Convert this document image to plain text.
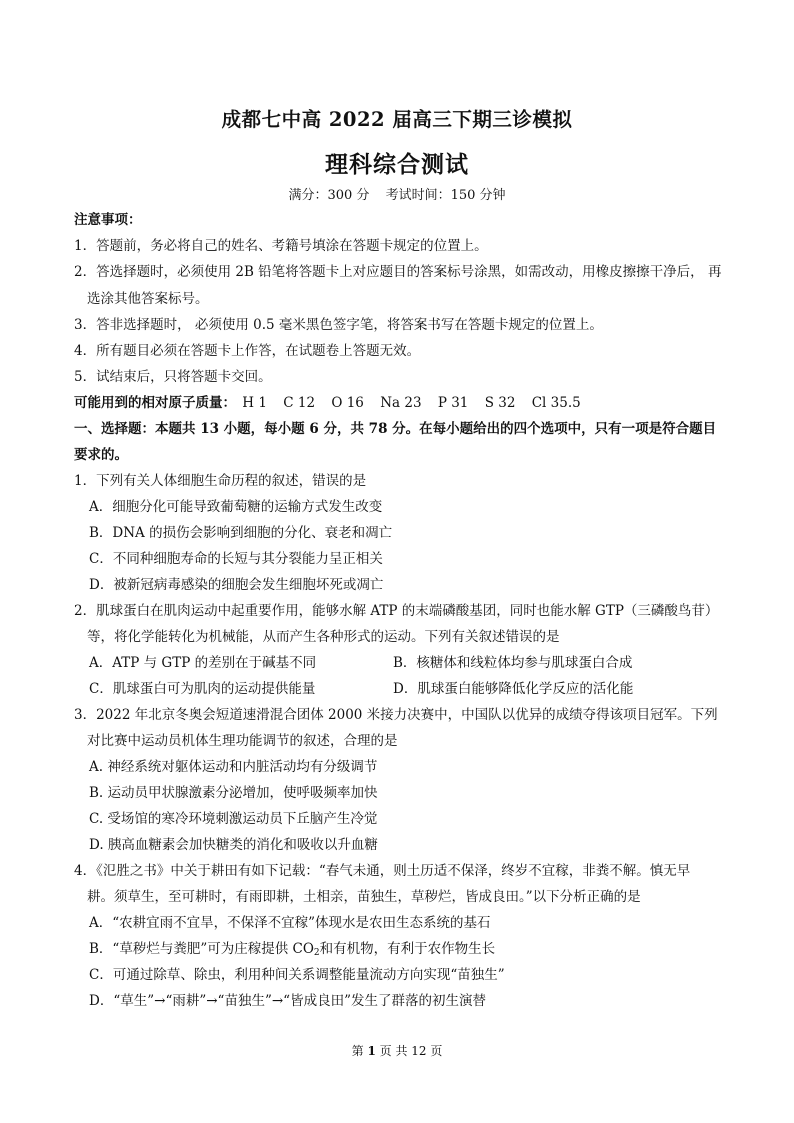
成都七中高 2022 届高三下期三诊模拟
理科综合测试
满分：300 分 考试时间：150 分钟
注意事项：
1．答题前，务必将自己的姓名、考籍号填涂在答题卡规定的位置上。
2．答选择题时，必须使用 2B 铅笔将答题卡上对应题目的答案标号涂黑，如需改动，用橡皮擦擦干净后， 再
选涂其他答案标号。
3．答非选择题时， 必须使用 0.5 毫米黑色签字笔，将答案书写在答题卡规定的位置上。
4．所有题目必须在答题卡上作答，在试题卷上答题无效。
5．试结束后，只将答题卡交回。
可能用到的相对原子质量： H 1 C 12 O 16 Na 23 P 31 S 32 Cl 35.5
一、选择题：本题共 13 小题，每小题 6 分，共 78 分。在每小题给出的四个选项中，只有一项是符合题目
要求的。
1．下列有关人体细胞生命历程的叙述，错误的是
A．细胞分化可能导致葡萄糖的运输方式发生改变
B．DNA 的损伤会影响到细胞的分化、衰老和凋亡
C．不同种细胞寿命的长短与其分裂能力呈正相关
D．被新冠病毒感染的细胞会发生细胞坏死或凋亡
2．肌球蛋白在肌肉运动中起重要作用，能够水解 ATP 的末端磷酸基团，同时也能水解 GTP（三磷酸鸟苷）
等，将化学能转化为机械能，从而产生各种形式的运动。下列有关叙述错误的是
A．ATP 与 GTP 的差别在于碱基不同	B．核糖体和线粒体均参与肌球蛋白合成
C．肌球蛋白可为肌肉的运动提供能量	D．肌球蛋白能够降低化学反应的活化能
3．2022 年北京冬奥会短道速滑混合团体 2000 米接力决赛中，中国队以优异的成绩夺得该项目冠军。下列
对比赛中运动员机体生理功能调节的叙述，合理的是
A. 神经系统对躯体运动和内脏活动均有分级调节
B. 运动员甲状腺激素分泌增加，使呼吸频率加快
C. 受场馆的寒冷环境刺激运动员下丘脑产生冷觉
D. 胰高血糖素会加快糖类的消化和吸收以升血糖
4．《氾胜之书》中关于耕田有如下记载：“春气未通，则土历适不保泽，终岁不宜稼，非粪不解。慎无早
耕。须草生，至可耕时，有雨即耕，土相亲，苗独生，草秽烂，皆成良田。”以下分析正确的是
A．“农耕宜雨不宜旱，不保泽不宜稼”体现水是农田生态系统的基石
B．“草秽烂与粪肥”可为庄稼提供 $CO_2$和有机物，有利于农作物生长
C．可通过除草、除虫，利用种间关系调整能量流动方向实现“苗独生”
D．“草生”→“雨耕”→“苗独生”→“皆成良田”发生了群落的初生演替
第 1 页 共 12 页
